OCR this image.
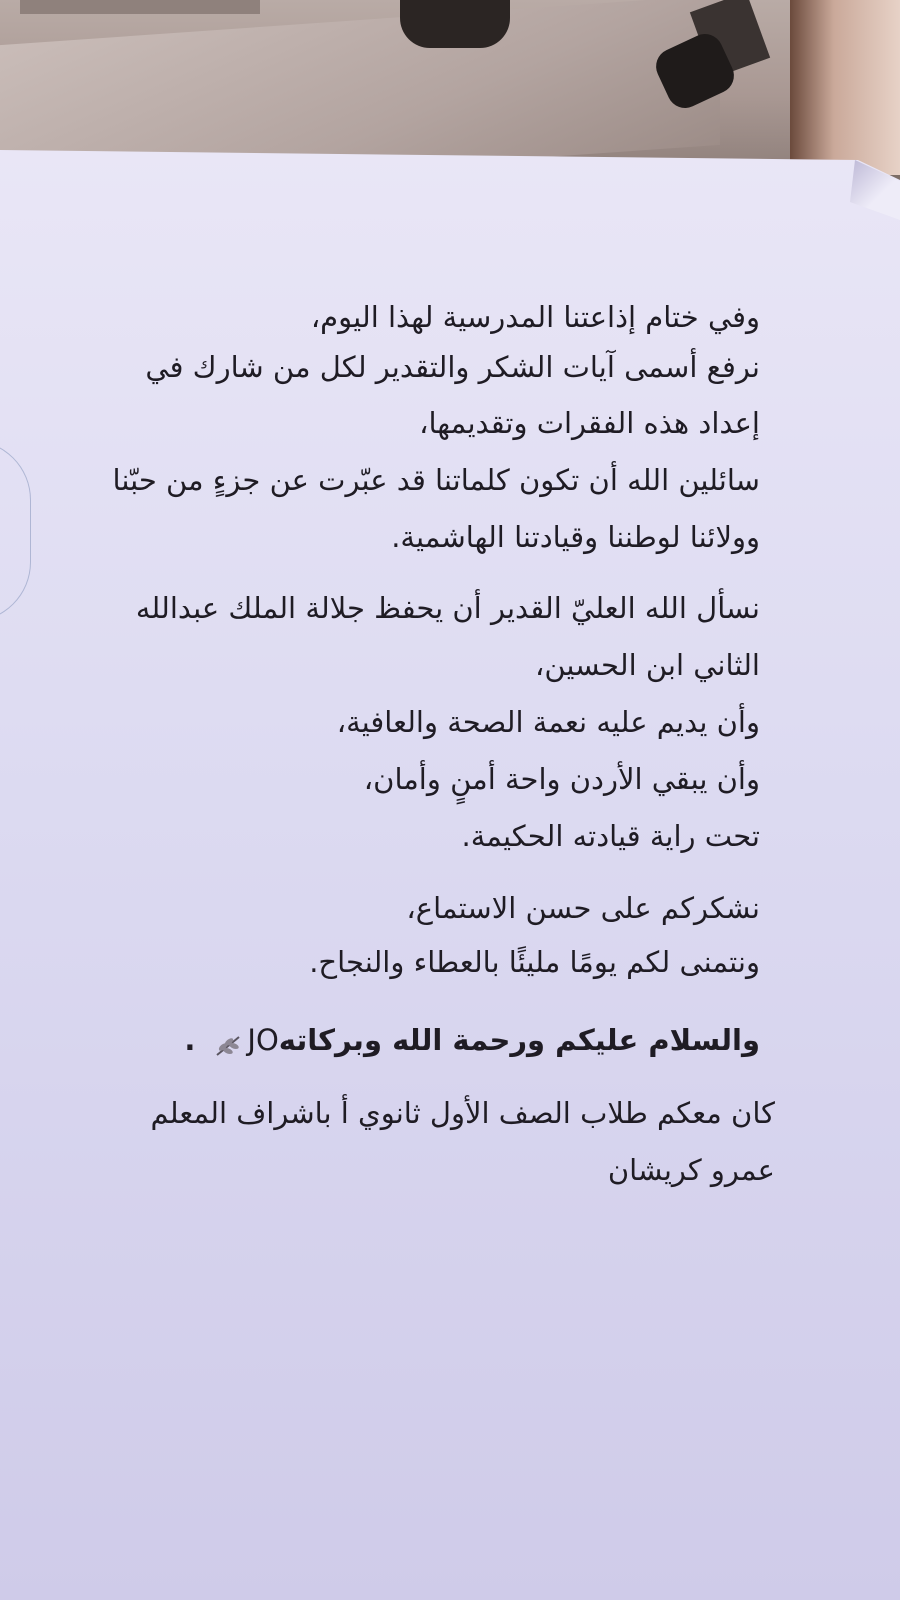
وفي ختام إذاعتنا المدرسية لهذا اليوم،
نرفع أسمى آيات الشكر والتقدير لكل من شارك في
إعداد هذه الفقرات وتقديمها،
سائلين الله أن تكون كلماتنا قد عبّرت عن جزءٍ من حبّنا
وولائنا لوطننا وقيادتنا الهاشمية.
نسأل الله العليّ القدير أن يحفظ جلالة الملك عبدالله
الثاني ابن الحسين،
وأن يديم عليه نعمة الصحة والعافية،
وأن يبقي الأردن واحة أمنٍ وأمان،
تحت راية قيادته الحكيمة.
نشكركم على حسن الاستماع،
ونتمنى لكم يومًا مليئًا بالعطاء والنجاح.
والسلام عليكم ورحمة الله وبركاتهJO.
كان معكم طلاب الصف الأول ثانوي أ باشراف المعلم
عمرو كريشان
